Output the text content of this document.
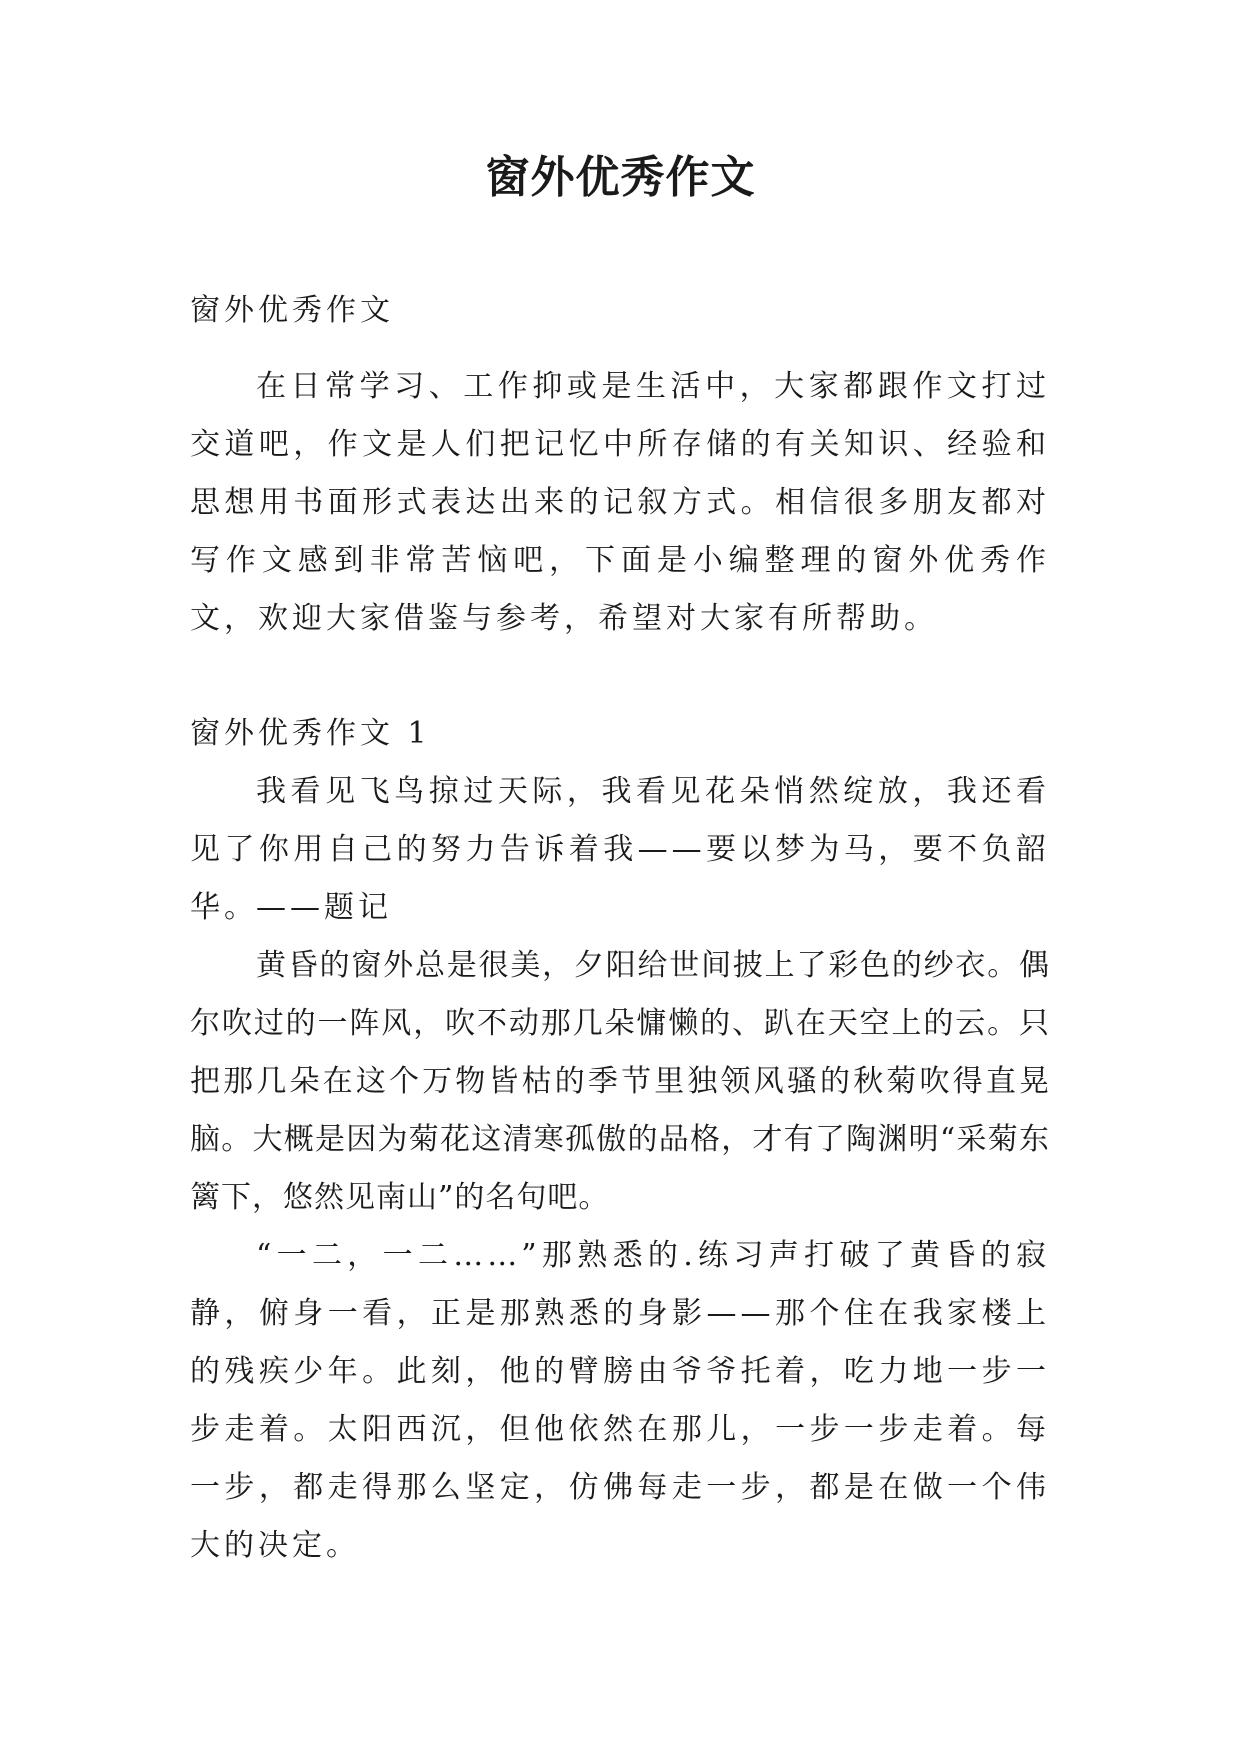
窗外优秀作文

窗外优秀作文

在日常学习、工作抑或是生活中，大家都跟作文打过交道吧，作文是人们把记忆中所存储的有关知识、经验和思想用书面形式表达出来的记叙方式。相信很多朋友都对写作文感到非常苦恼吧，下面是小编整理的窗外优秀作文，欢迎大家借鉴与参考，希望对大家有所帮助。

窗外优秀作文 1

我看见飞鸟掠过天际，我看见花朵悄然绽放，我还看见了你用自己的努力告诉着我——要以梦为马，要不负韶华。

——题记

黄昏的窗外总是很美，夕阳给世间披上了彩色的纱衣。偶尔吹过的一阵风，吹不动那几朵慵懒的、趴在天空上的云。只把那几朵在这个万物皆枯的季节里独领风骚的秋菊吹得直晃脑。大概是因为菊花这清寒孤傲的品格，才有了陶渊明“采菊东篱下，悠然见南山”的名句吧。

“一二，一二……”那熟悉的.练习声打破了黄昏的寂静，俯身一看，正是那熟悉的身影——那个住在我家楼上的残疾少年。此刻，他的臂膀由爷爷托着，吃力地一步一步走着。太阳西沉，但他依然在那儿，一步一步走着。每一步，都走得那么坚定，仿佛每走一步，都是在做一个伟大的决定。
